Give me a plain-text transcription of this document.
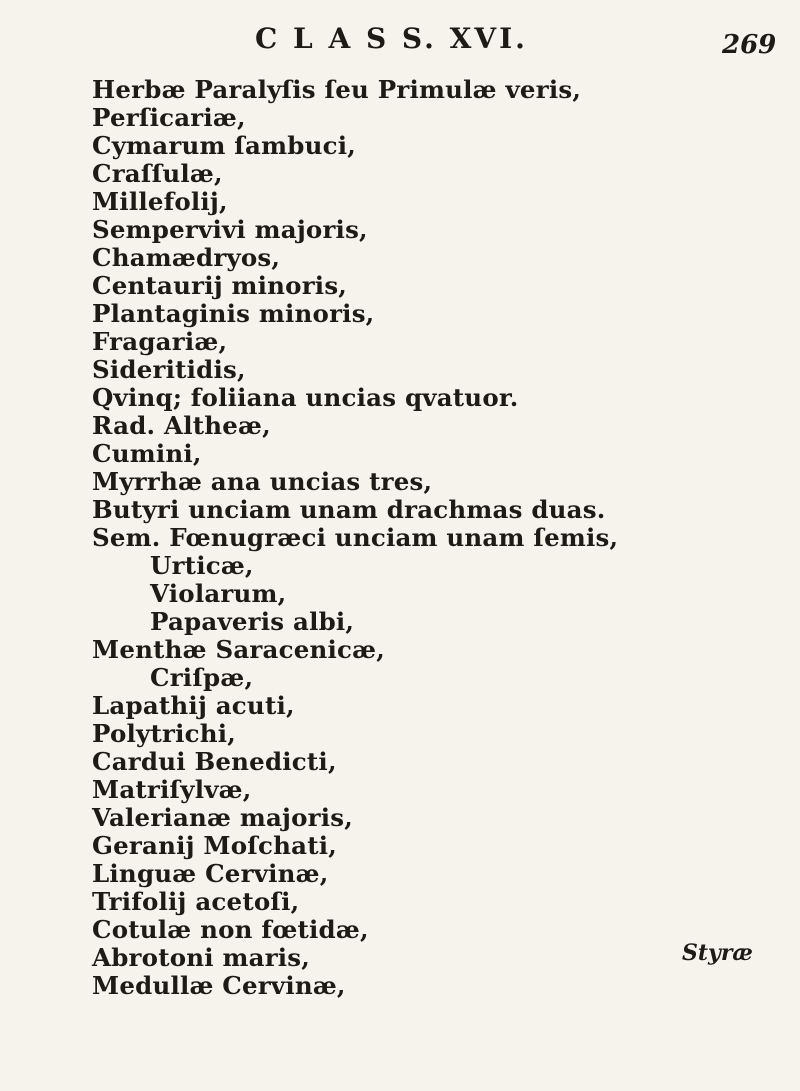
C L A S S. XVI.	269
Herbæ Paralyſis ſeu Primulæ veris,
Perſicariæ,
Cymarum ſambuci,
Craſſulæ,
Millefolij,
Sempervivi majoris,
Chamædryos,
Centaurij minoris,
Plantaginis minoris,
Fragariæ,
Sideritidis,
Qvinq; foliiana uncias qvatuor.
Rad. Altheæ,
Cumini,
Myrrhæ ana uncias tres,
Butyri unciam unam drachmas duas.
Sem. Fœnugræci unciam unam ſemis,
Urticæ,
Violarum,
Papaveris albi,
Menthæ Saracenicæ,
Criſpæ,
Lapathij acuti,
Polytrichi,
Cardui Benedicti,
Matriſylvæ,
Valerianæ majoris,
Geranij Moſchati,
Linguæ Cervinæ,
Trifolij acetoſi,
Cotulæ non fœtidæ,
Abrotoni maris,
Medullæ Cervinæ,
Styræ
